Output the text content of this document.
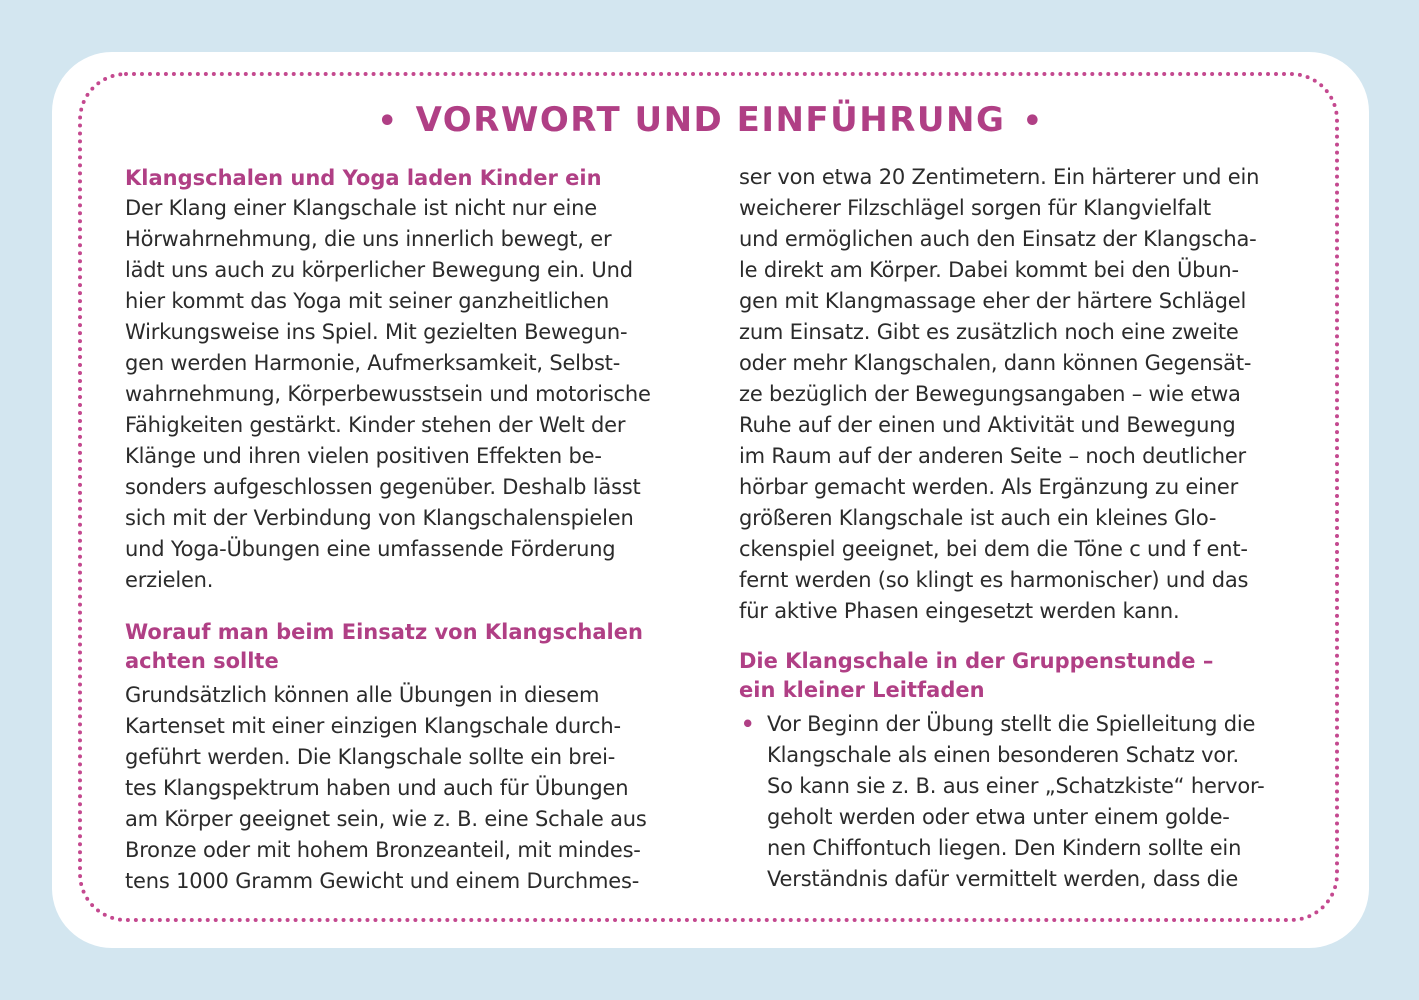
• VORWORT UND EINFÜHRUNG •
Klangschalen und Yoga laden Kinder ein

Der Klang einer Klangschale ist nicht nur eine
Hörwahrnehmung, die uns innerlich bewegt, er
lädt uns auch zu körperlicher Bewegung ein. Und
hier kommt das Yoga mit seiner ganzheitlichen
Wirkungsweise ins Spiel. Mit gezielten Bewegun-
gen werden Harmonie, Aufmerksamkeit, Selbst-
wahrnehmung, Körperbewusstsein und motorische
Fähigkeiten gestärkt. Kinder stehen der Welt der
Klänge und ihren vielen positiven Effekten be-
sonders aufgeschlossen gegenüber. Deshalb lässt
sich mit der Verbindung von Klangschalenspielen
und Yoga-Übungen eine umfassende Förderung
erzielen.

Worauf man beim Einsatz von Klangschalen
achten sollte

Grundsätzlich können alle Übungen in diesem
Kartenset mit einer einzigen Klangschale durch-
geführt werden. Die Klangschale sollte ein brei-
tes Klangspektrum haben und auch für Übungen
am Körper geeignet sein, wie z. B. eine Schale aus
Bronze oder mit hohem Bronzeanteil, mit mindes-
tens 1000 Gramm Gewicht und einem Durchmes-

ser von etwa 20 Zentimetern. Ein härterer und ein
weicherer Filzschlägel sorgen für Klangvielfalt
und ermöglichen auch den Einsatz der Klangscha-
le direkt am Körper. Dabei kommt bei den Übun-
gen mit Klangmassage eher der härtere Schlägel
zum Einsatz. Gibt es zusätzlich noch eine zweite
oder mehr Klangschalen, dann können Gegensät-
ze bezüglich der Bewegungsangaben – wie etwa
Ruhe auf der einen und Aktivität und Bewegung
im Raum auf der anderen Seite – noch deutlicher
hörbar gemacht werden. Als Ergänzung zu einer
größeren Klangschale ist auch ein kleines Glo-
ckenspiel geeignet, bei dem die Töne c und f ent-
fernt werden (so klingt es harmonischer) und das
für aktive Phasen eingesetzt werden kann.

Die Klangschale in der Gruppenstunde –
ein kleiner Leitfaden
• Vor Beginn der Übung stellt die Spielleitung die
Klangschale als einen besonderen Schatz vor.
So kann sie z. B. aus einer „Schatzkiste“ hervor-
geholt werden oder etwa unter einem golde-
nen Chiffontuch liegen. Den Kindern sollte ein
Verständnis dafür vermittelt werden, dass die
